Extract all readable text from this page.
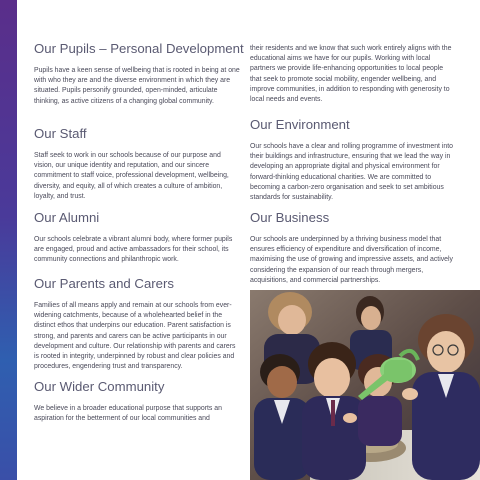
Our Pupils – Personal Development

Pupils have a keen sense of wellbeing that is rooted in being at one with who they are and the diverse environment in which they are situated. Pupils personify grounded, open-minded, articulate thinking, as active citizens of a changing global community.

Our Staff

Staff seek to work in our schools because of our purpose and vision, our unique identity and reputation, and our sincere commitment to staff voice, professional development, wellbeing, diversity, and equity, all of which creates a culture of ambition, loyalty, and trust.

Our Alumni

Our schools celebrate a vibrant alumni body, where former pupils are engaged, proud and active ambassadors for their school, its community connections and philanthropic work.

Our Parents and Carers

Families of all means apply and remain at our schools from ever-widening catchments, because of a wholehearted belief in the distinct ethos that underpins our education. Parent satisfaction is strong, and parents and carers can be active participants in our development and culture. Our relationship with parents and carers is rooted in integrity, underpinned by robust and clear policies and procedures, engendering trust and transparency.

Our Wider Community

We believe in a broader educational purpose that supports an aspiration for the betterment of our local communities and

their residents and we know that such work entirely aligns with the educational aims we have for our pupils. Working with local partners we provide life-enhancing opportunities to local people that seek to promote social mobility, engender wellbeing, and improve communities, in addition to responding with generosity to local needs and events.

Our Environment

Our schools have a clear and rolling programme of investment into their buildings and infrastructure, ensuring that we lead the way in developing an appropriate digital and physical environment for forward-thinking educational charities. We are committed to becoming a carbon-zero organisation and seek to set ambitious standards for sustainability.

Our Business

Our schools are underpinned by a thriving business model that ensures efficiency of expenditure and diversification of income, maximising the use of growing and impressive assets, and actively considering the expansion of our reach through mergers, acquisitions, and commercial partnerships.
